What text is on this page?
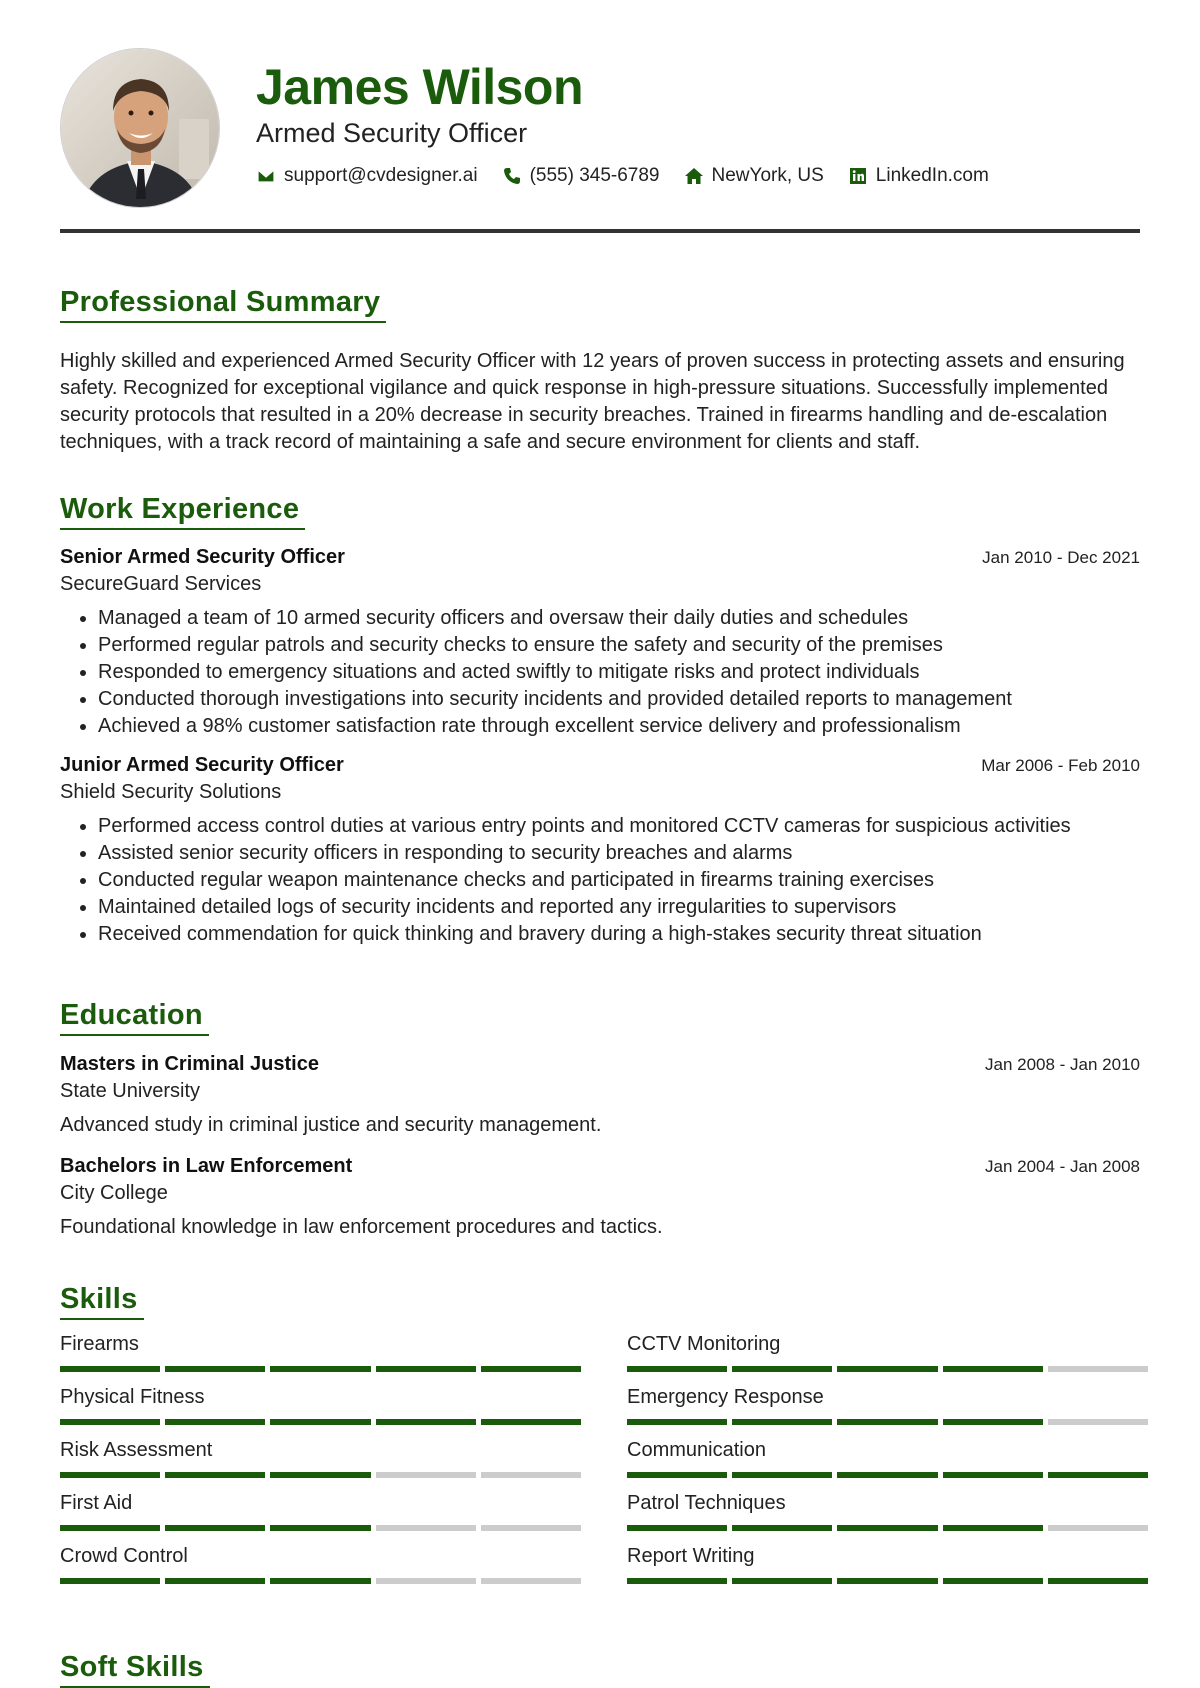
James Wilson
Armed Security Officer
support@cvdesigner.ai	(555) 345-6789	NewYork, US	LinkedIn.com
Professional Summary
Highly skilled and experienced Armed Security Officer with 12 years of proven success in protecting assets and ensuring safety. Recognized for exceptional vigilance and quick response in high-pressure situations. Successfully implemented security protocols that resulted in a 20% decrease in security breaches. Trained in firearms handling and de-escalation techniques, with a track record of maintaining a safe and secure environment for clients and staff.
Work Experience
Senior Armed Security Officer	Jan 2010 - Dec 2021
SecureGuard Services
• Managed a team of 10 armed security officers and oversaw their daily duties and schedules
• Performed regular patrols and security checks to ensure the safety and security of the premises
• Responded to emergency situations and acted swiftly to mitigate risks and protect individuals
• Conducted thorough investigations into security incidents and provided detailed reports to management
• Achieved a 98% customer satisfaction rate through excellent service delivery and professionalism
Junior Armed Security Officer	Mar 2006 - Feb 2010
Shield Security Solutions
• Performed access control duties at various entry points and monitored CCTV cameras for suspicious activities
• Assisted senior security officers in responding to security breaches and alarms
• Conducted regular weapon maintenance checks and participated in firearms training exercises
• Maintained detailed logs of security incidents and reported any irregularities to supervisors
• Received commendation for quick thinking and bravery during a high-stakes security threat situation
Education
Masters in Criminal Justice	Jan 2008 - Jan 2010
State University
Advanced study in criminal justice and security management.
Bachelors in Law Enforcement	Jan 2004 - Jan 2008
City College
Foundational knowledge in law enforcement procedures and tactics.
Skills
Firearms	CCTV Monitoring
Physical Fitness	Emergency Response
Risk Assessment	Communication
First Aid	Patrol Techniques
Crowd Control	Report Writing
Soft Skills
